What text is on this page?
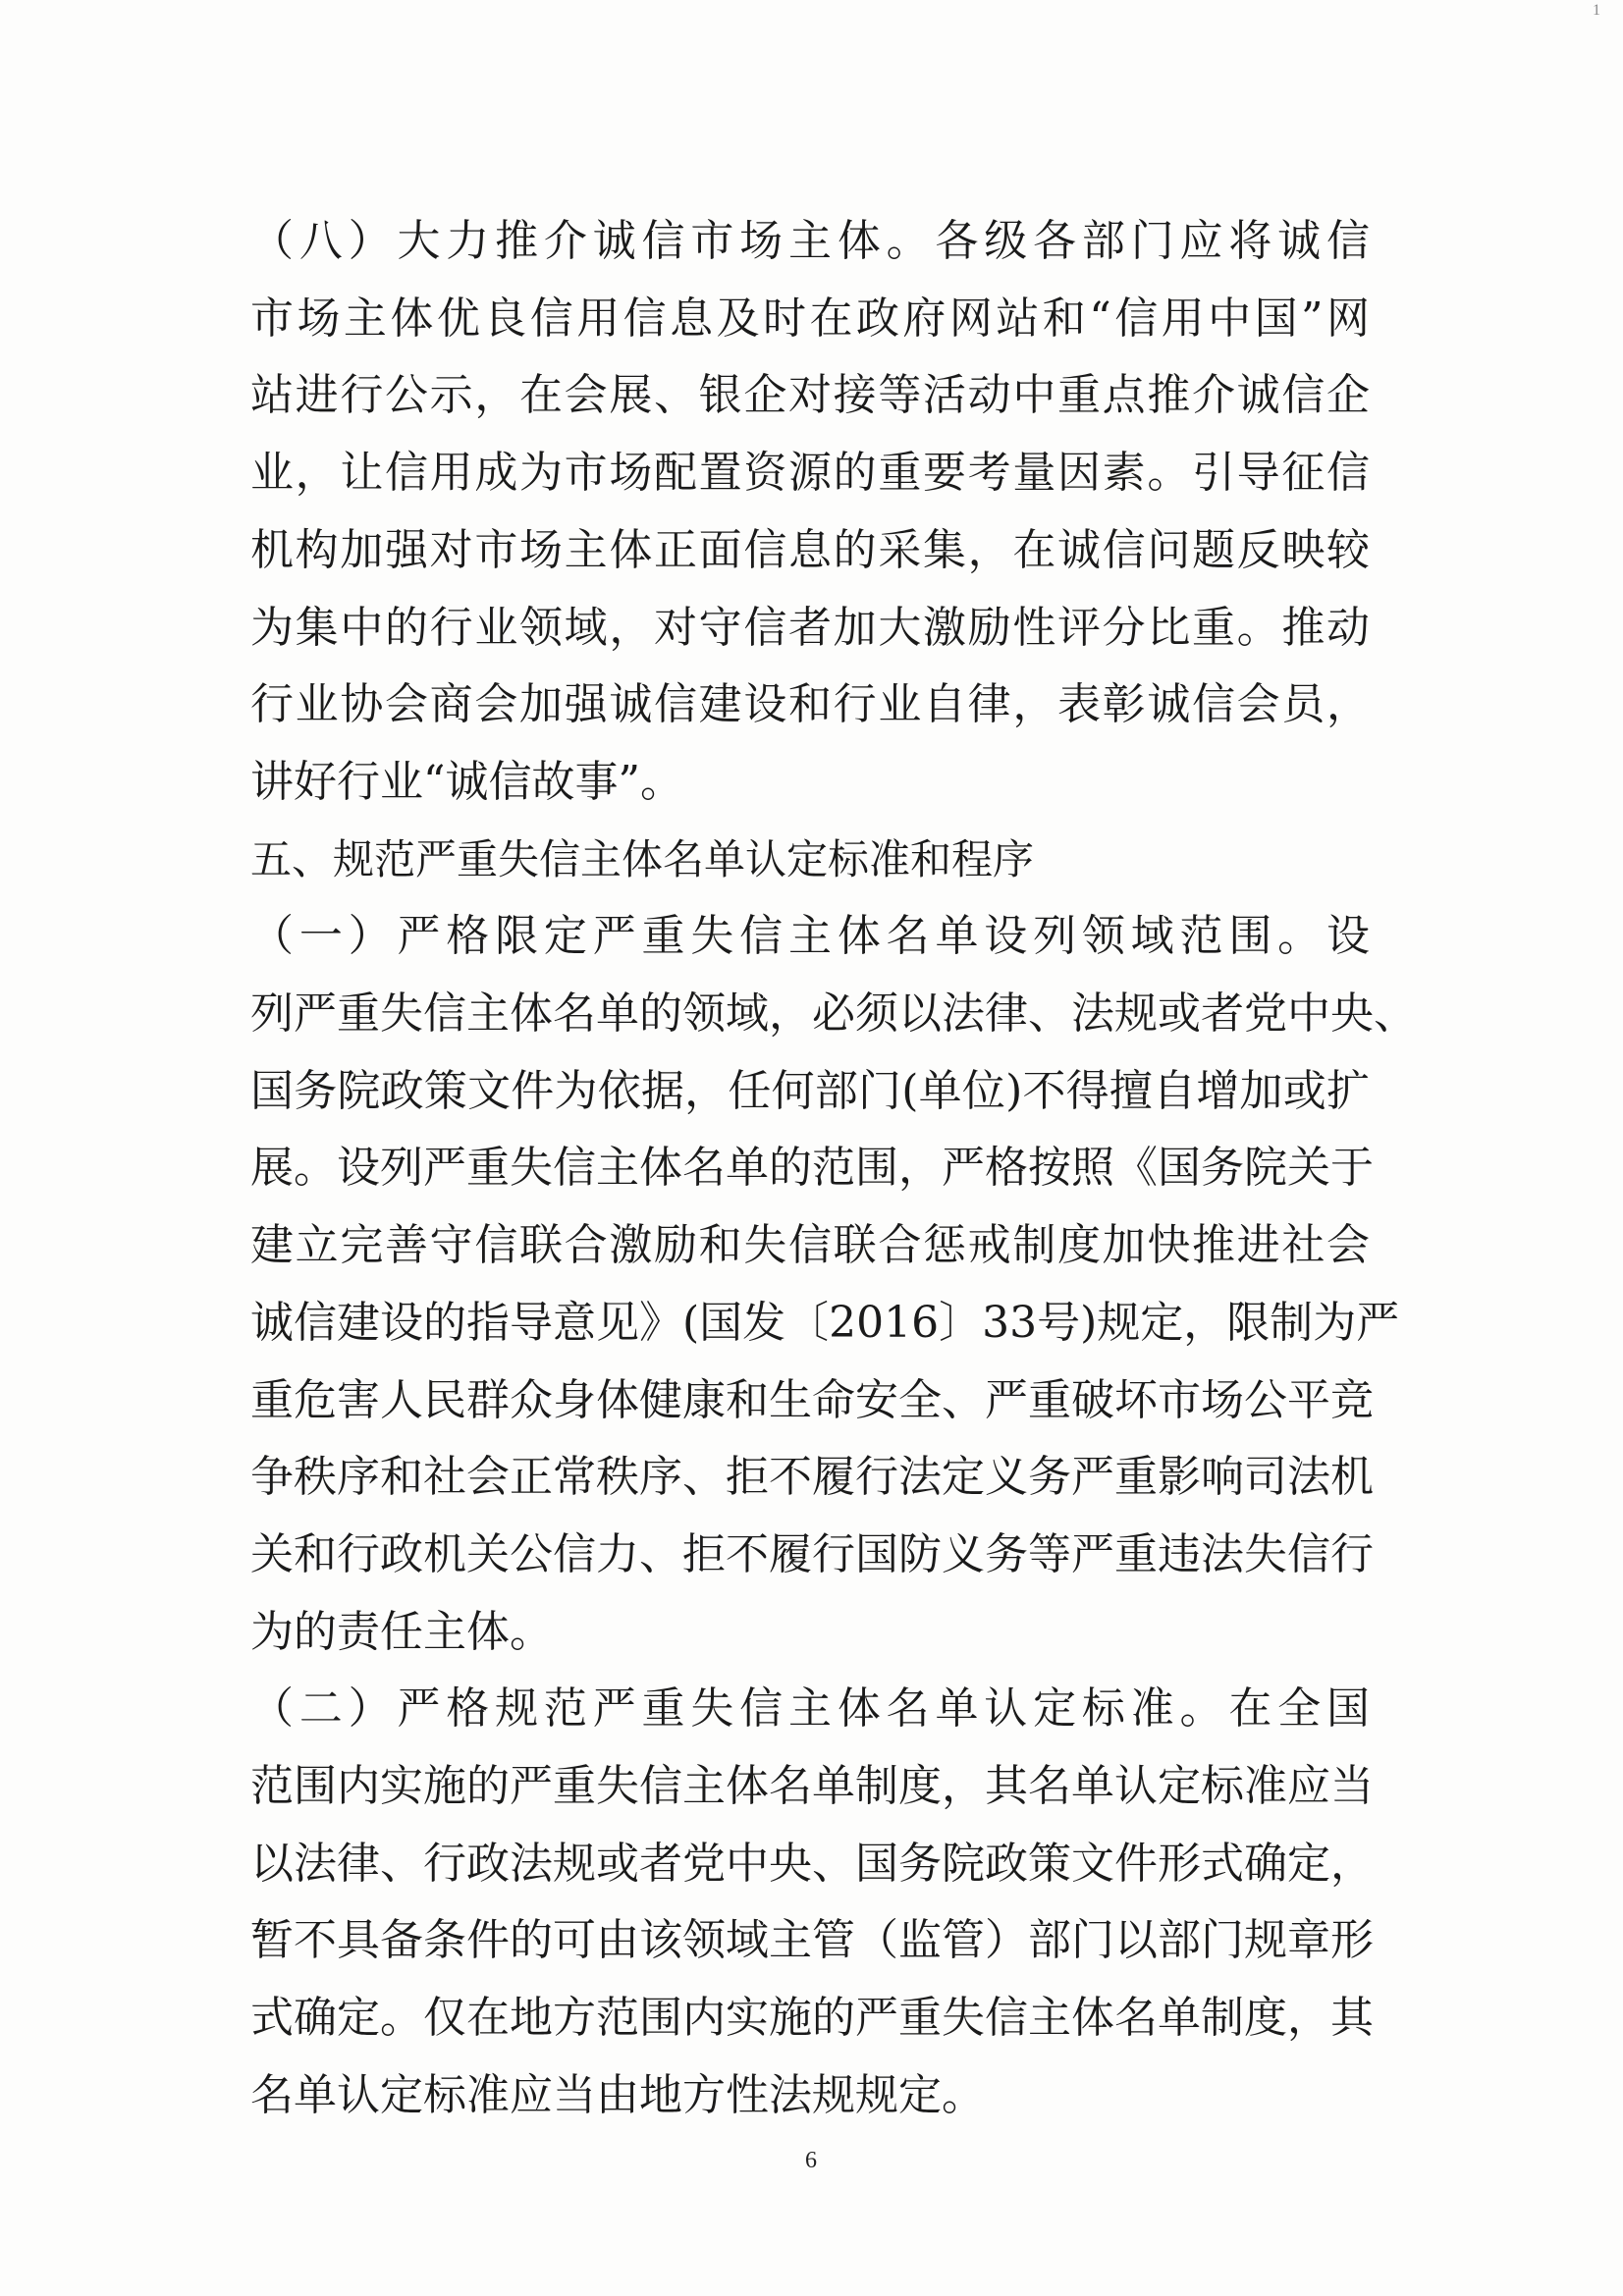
（八）大力推介诚信市场主体。各级各部门应将诚信
市场主体优良信用信息及时在政府网站和“信用中国”网
站进行公示，在会展、银企对接等活动中重点推介诚信企
业，让信用成为市场配置资源的重要考量因素。引导征信
机构加强对市场主体正面信息的采集，在诚信问题反映较
为集中的行业领域，对守信者加大激励性评分比重。推动
行业协会商会加强诚信建设和行业自律，表彰诚信会员，
讲好行业“诚信故事”。
五、规范严重失信主体名单认定标准和程序
（一）严格限定严重失信主体名单设列领域范围。设
列严重失信主体名单的领域，必须以法律、法规或者党中央、
国务院政策文件为依据，任何部门(单位)不得擅自增加或扩
展。设列严重失信主体名单的范围，严格按照《国务院关于
建立完善守信联合激励和失信联合惩戒制度加快推进社会
诚信建设的指导意见》(国发〔2016〕33号)规定，限制为严
重危害人民群众身体健康和生命安全、严重破坏市场公平竞
争秩序和社会正常秩序、拒不履行法定义务严重影响司法机
关和行政机关公信力、拒不履行国防义务等严重违法失信行
为的责任主体。
（二）严格规范严重失信主体名单认定标准。在全国
范围内实施的严重失信主体名单制度，其名单认定标准应当
以法律、行政法规或者党中央、国务院政策文件形式确定，
暂不具备条件的可由该领域主管（监管）部门以部门规章形
式确定。仅在地方范围内实施的严重失信主体名单制度，其
名单认定标准应当由地方性法规规定。
6
1
